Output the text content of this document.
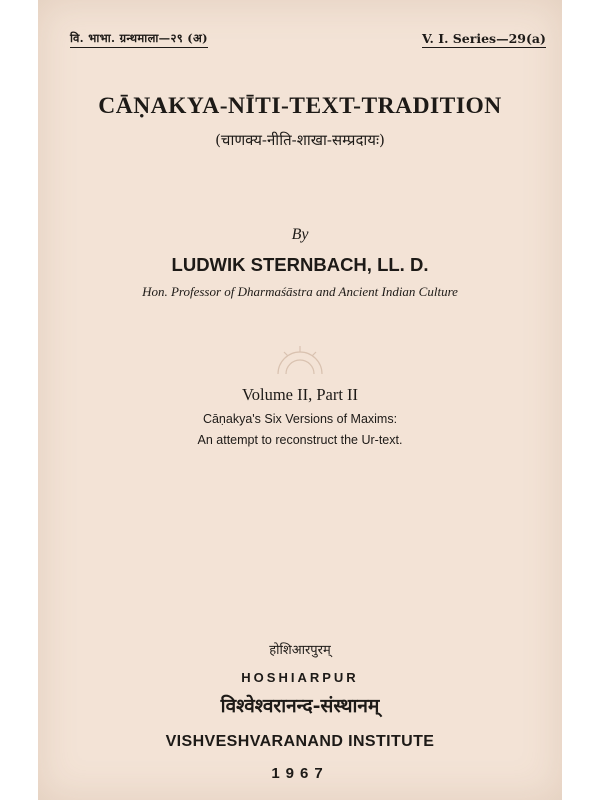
वि. भाभा. ग्रन्थमाला—२९ (अ)	V. I. Series—29(a)
CĀṆAKYA-NĪTI-TEXT-TRADITION
(चाणक्य-नीति-शाखा-सम्प्रदायः)
By
LUDWIK STERNBACH, LL. D.
Hon. Professor of Dharmaśāstra and Ancient Indian Culture
Volume II, Part II
Cāṇakya's Six Versions of Maxims:
An attempt to reconstruct the Ur-text.
होशिआरपुरम्
HOSHIARPUR
विश्वेश्वरानन्द-संस्थानम्
VISHVESHVARANAND INSTITUTE
1967
